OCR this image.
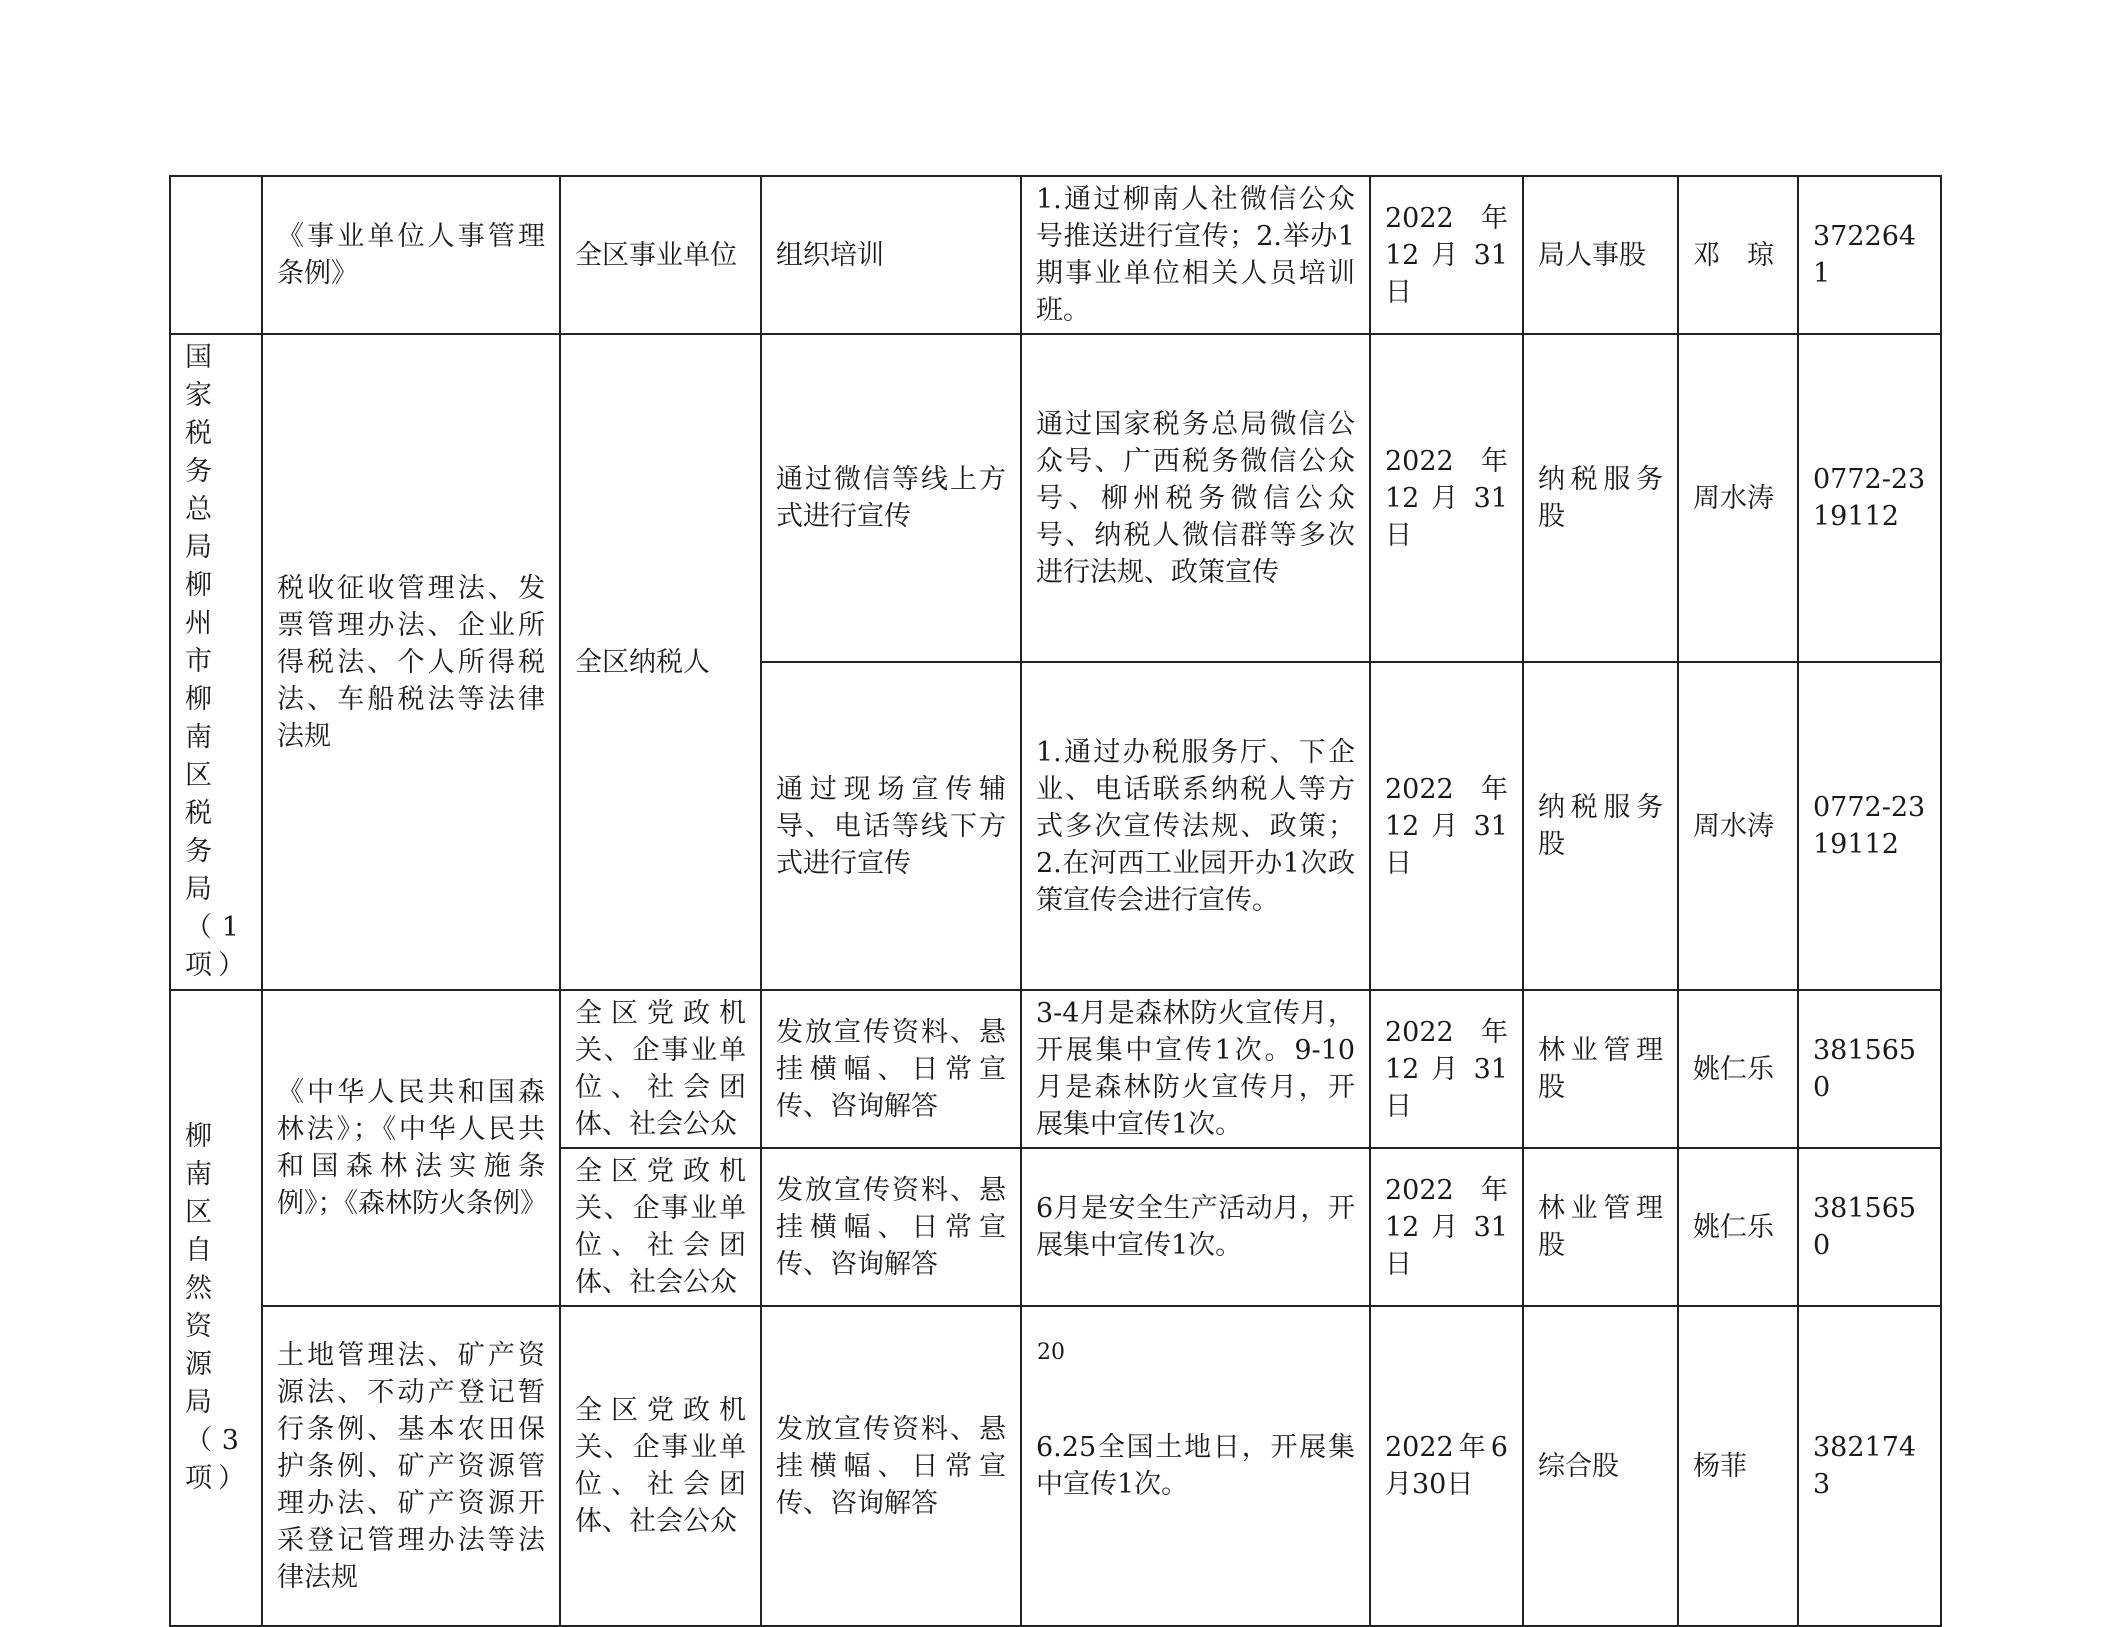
	《事业单位人事管理条例》	全区事业单位	组织培训	1.通过柳南人社微信公众号推送进行宣传；2.举办1期事业单位相关人员培训班。	2022 年 12 月 31 日	局人事股	邓　琼	3722641
国家税务总局柳州市柳南区税务局（1项）	税收征收管理法、发票管理办法、企业所得税法、个人所得税法、车船税法等法律法规	全区纳税人	通过微信等线上方式进行宣传	通过国家税务总局微信公众号、广西税务微信公众号、柳州税务微信公众号、纳税人微信群等多次进行法规、政策宣传	2022 年 12 月 31 日	纳税服务股	周水涛	0772-2319112
			通过现场宣传辅导、电话等线下方式进行宣传	1.通过办税服务厅、下企业、电话联系纳税人等方式多次宣传法规、政策；2.在河西工业园开办1次政策宣传会进行宣传。	2022 年 12 月 31 日	纳税服务股	周水涛	0772-2319112
柳南区自然资源局（3项）	《中华人民共和国森林法》；《中华人民共和国森林法实施条例》；《森林防火条例》	全区党政机关、企事业单位、社会团体、社会公众	发放宣传资料、悬挂横幅、日常宣传、咨询解答	3-4月是森林防火宣传月，开展集中宣传1次。9-10月是森林防火宣传月，开展集中宣传1次。	2022 年 12 月 31 日	林业管理股	姚仁乐	3815650
		全区党政机关、企事业单位、社会团体、社会公众	发放宣传资料、悬挂横幅、日常宣传、咨询解答	6月是安全生产活动月，开展集中宣传1次。	2022 年 12 月 31 日	林业管理股	姚仁乐	3815650
	土地管理法、矿产资源法、不动产登记暂行条例、基本农田保护条例、矿产资源管理办法、矿产资源开采登记管理办法等法律法规	全区党政机关、企事业单位、社会团体、社会公众	发放宣传资料、悬挂横幅、日常宣传、咨询解答	6.25全国土地日，开展集中宣传1次。	2022年6月30日	综合股	杨菲	3821743
20
